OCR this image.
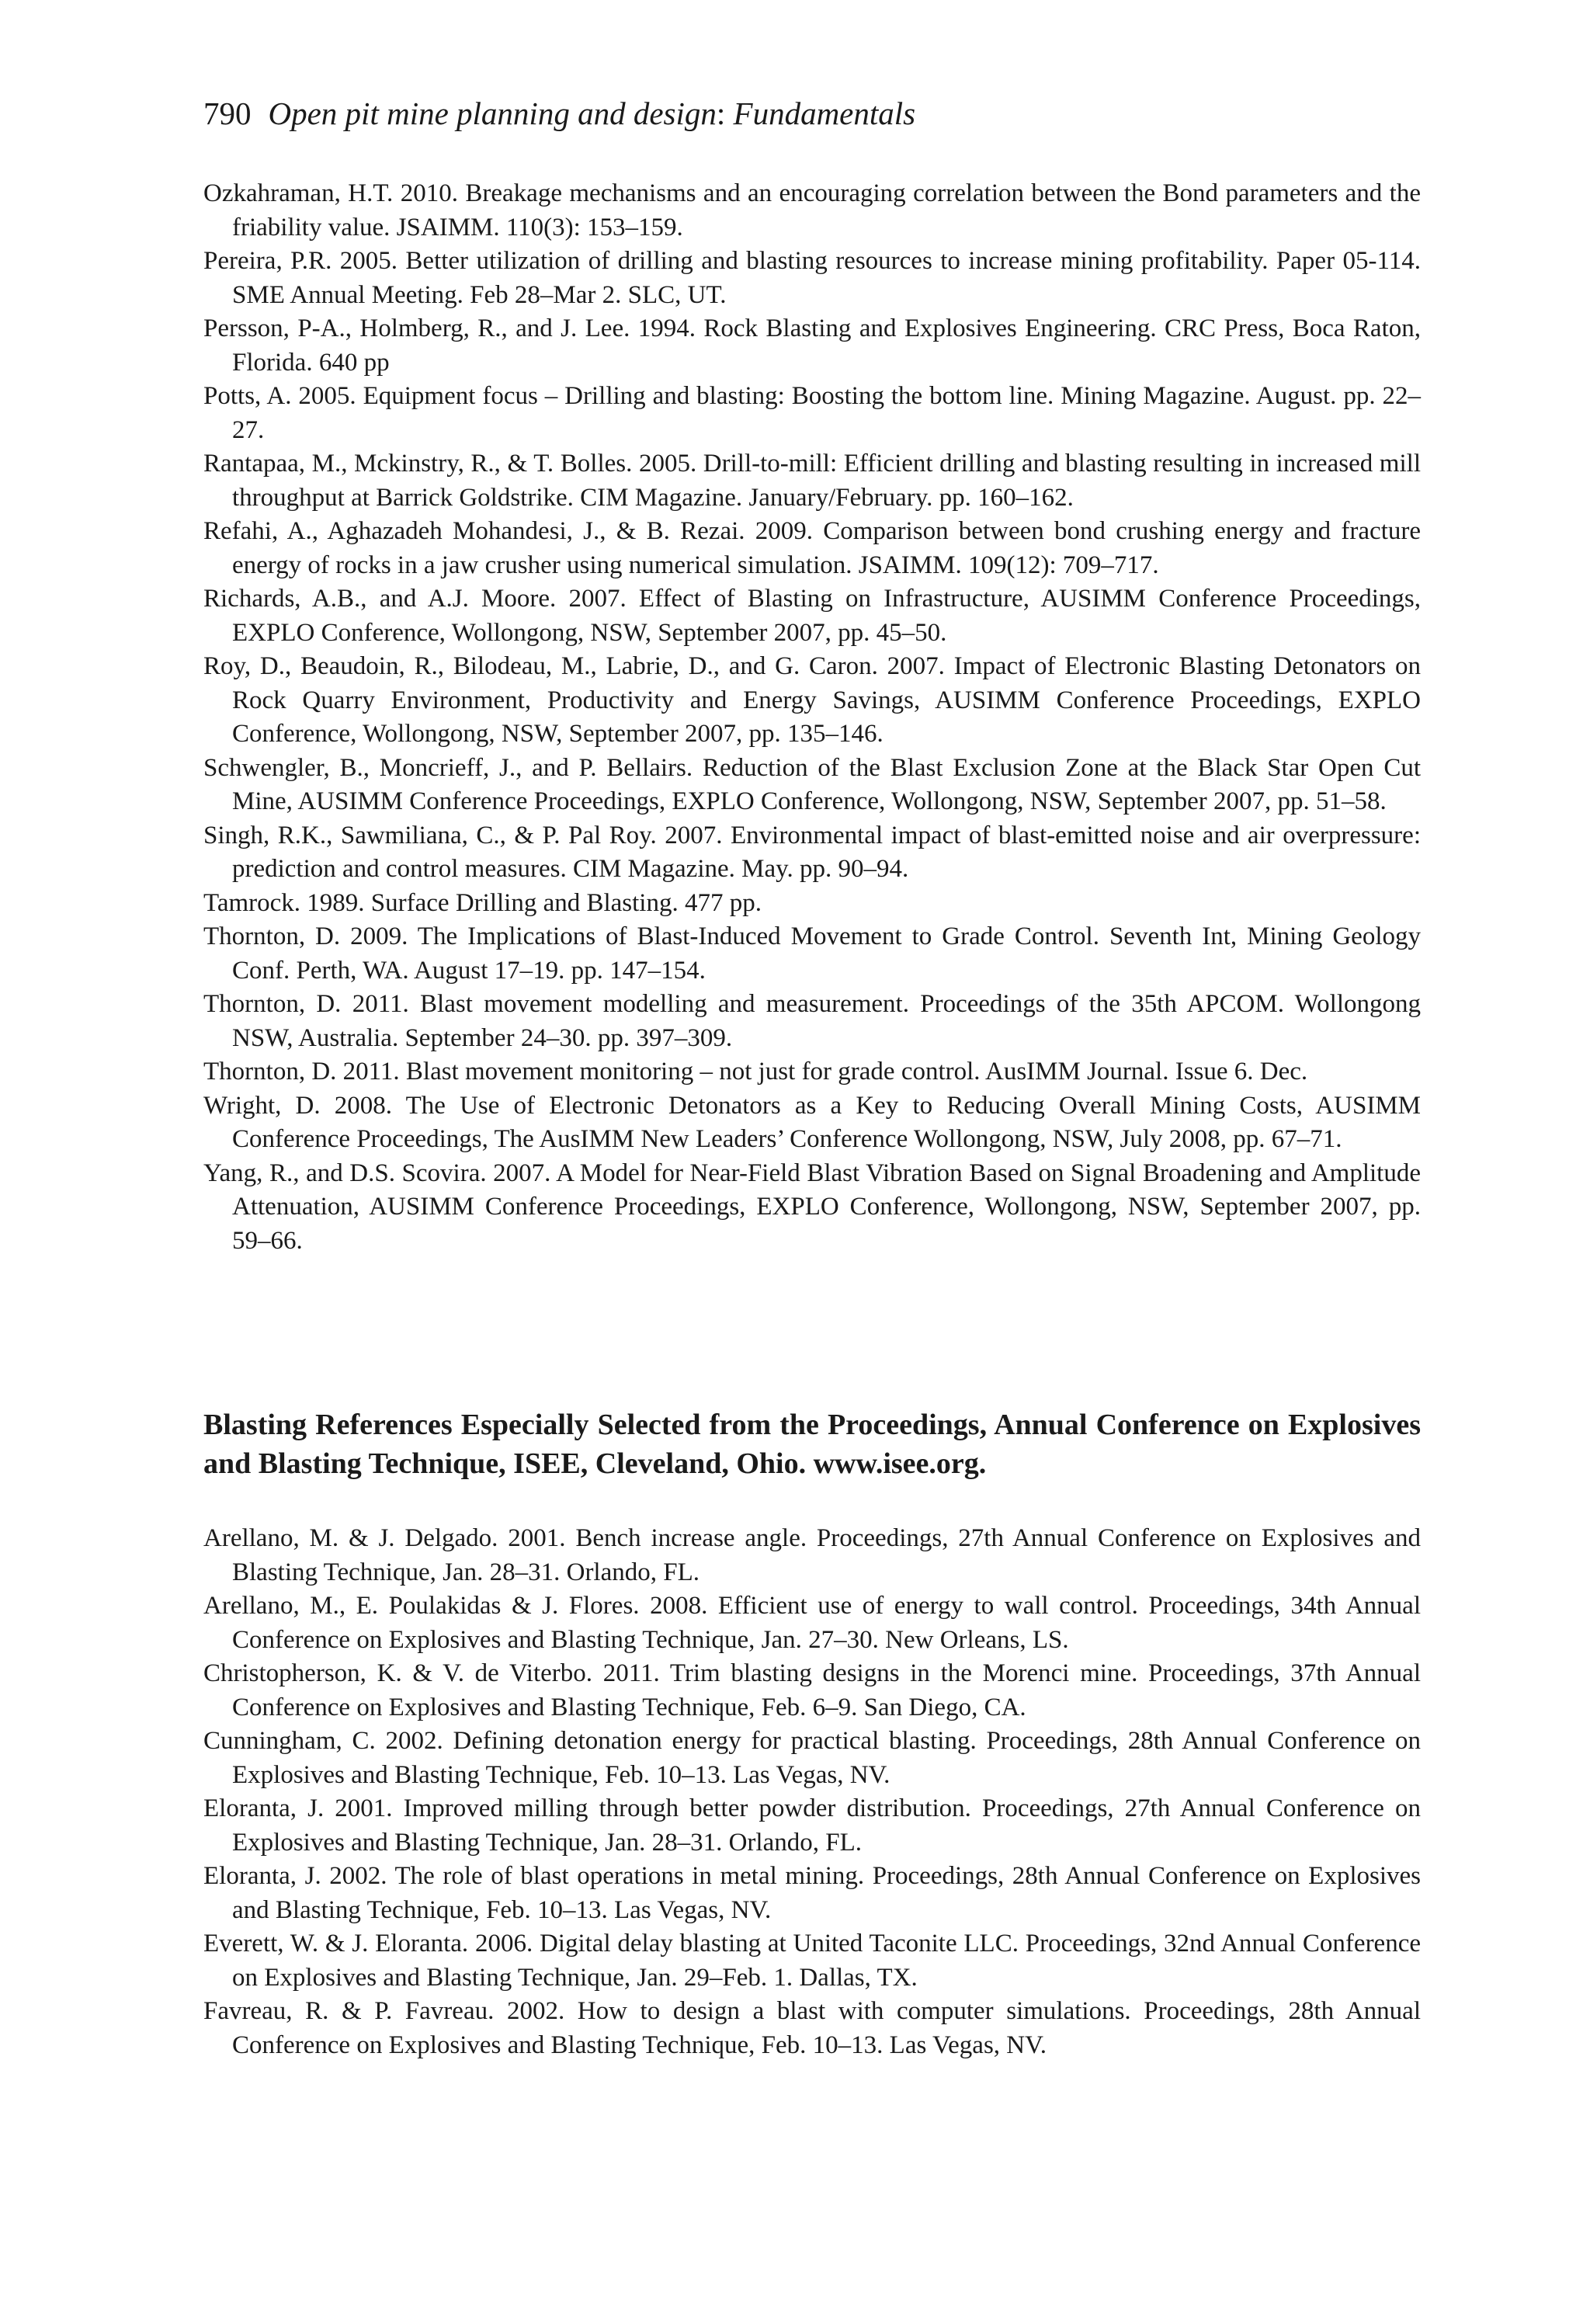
790 Open pit mine planning and design: Fundamentals

Ozkahraman, H.T. 2010. Breakage mechanisms and an encouraging correlation between the Bond parameters and the friability value. JSAIMM. 110(3): 153–159.

Pereira, P.R. 2005. Better utilization of drilling and blasting resources to increase mining profitability. Paper 05-114. SME Annual Meeting. Feb 28–Mar 2. SLC, UT.

Persson, P-A., Holmberg, R., and J. Lee. 1994. Rock Blasting and Explosives Engineering. CRC Press, Boca Raton, Florida. 640 pp

Potts, A. 2005. Equipment focus – Drilling and blasting: Boosting the bottom line. Mining Magazine. August. pp. 22–27.

Rantapaa, M., Mckinstry, R., & T. Bolles. 2005. Drill-to-mill: Efficient drilling and blasting resulting in increased mill throughput at Barrick Goldstrike. CIM Magazine. January/February. pp. 160–162.

Refahi, A., Aghazadeh Mohandesi, J., & B. Rezai. 2009. Comparison between bond crushing energy and fracture energy of rocks in a jaw crusher using numerical simulation. JSAIMM. 109(12): 709–717.

Richards, A.B., and A.J. Moore. 2007. Effect of Blasting on Infrastructure, AUSIMM Conference Proceedings, EXPLO Conference, Wollongong, NSW, September 2007, pp. 45–50.

Roy, D., Beaudoin, R., Bilodeau, M., Labrie, D., and G. Caron. 2007. Impact of Electronic Blasting Detonators on Rock Quarry Environment, Productivity and Energy Savings, AUSIMM Conference Proceedings, EXPLO Conference, Wollongong, NSW, September 2007, pp. 135–146.

Schwengler, B., Moncrieff, J., and P. Bellairs. Reduction of the Blast Exclusion Zone at the Black Star Open Cut Mine, AUSIMM Conference Proceedings, EXPLO Conference, Wollongong, NSW, September 2007, pp. 51–58.

Singh, R.K., Sawmiliana, C., & P. Pal Roy. 2007. Environmental impact of blast-emitted noise and air overpressure: prediction and control measures. CIM Magazine. May. pp. 90–94.

Tamrock. 1989. Surface Drilling and Blasting. 477 pp.

Thornton, D. 2009. The Implications of Blast-Induced Movement to Grade Control. Seventh Int, Mining Geology Conf. Perth, WA. August 17–19. pp. 147–154.

Thornton, D. 2011. Blast movement modelling and measurement. Proceedings of the 35th APCOM. Wollongong NSW, Australia. September 24–30. pp. 397–309.

Thornton, D. 2011. Blast movement monitoring – not just for grade control. AusIMM Journal. Issue 6. Dec.

Wright, D. 2008. The Use of Electronic Detonators as a Key to Reducing Overall Mining Costs, AUSIMM Conference Proceedings, The AusIMM New Leaders’ Conference Wollongong, NSW, July 2008, pp. 67–71.

Yang, R., and D.S. Scovira. 2007. A Model for Near-Field Blast Vibration Based on Signal Broadening and Amplitude Attenuation, AUSIMM Conference Proceedings, EXPLO Conference, Wollongong, NSW, September 2007, pp. 59–66.

Blasting References Especially Selected from the Proceedings, Annual Conference on Explosives and Blasting Technique, ISEE, Cleveland, Ohio. www.isee.org.

Arellano, M. & J. Delgado. 2001. Bench increase angle. Proceedings, 27th Annual Conference on Explosives and Blasting Technique, Jan. 28–31. Orlando, FL.

Arellano, M., E. Poulakidas & J. Flores. 2008. Efficient use of energy to wall control. Proceedings, 34th Annual Conference on Explosives and Blasting Technique, Jan. 27–30. New Orleans, LS.

Christopherson, K. & V. de Viterbo. 2011. Trim blasting designs in the Morenci mine. Proceedings, 37th Annual Conference on Explosives and Blasting Technique, Feb. 6–9. San Diego, CA.

Cunningham, C. 2002. Defining detonation energy for practical blasting. Proceedings, 28th Annual Conference on Explosives and Blasting Technique, Feb. 10–13. Las Vegas, NV.

Eloranta, J. 2001. Improved milling through better powder distribution. Proceedings, 27th Annual Conference on Explosives and Blasting Technique, Jan. 28–31. Orlando, FL.

Eloranta, J. 2002. The role of blast operations in metal mining. Proceedings, 28th Annual Conference on Explosives and Blasting Technique, Feb. 10–13. Las Vegas, NV.

Everett, W. & J. Eloranta. 2006. Digital delay blasting at United Taconite LLC. Proceedings, 32nd Annual Conference on Explosives and Blasting Technique, Jan. 29–Feb. 1. Dallas, TX.

Favreau, R. & P. Favreau. 2002. How to design a blast with computer simulations. Proceedings, 28th Annual Conference on Explosives and Blasting Technique, Feb. 10–13. Las Vegas, NV.
